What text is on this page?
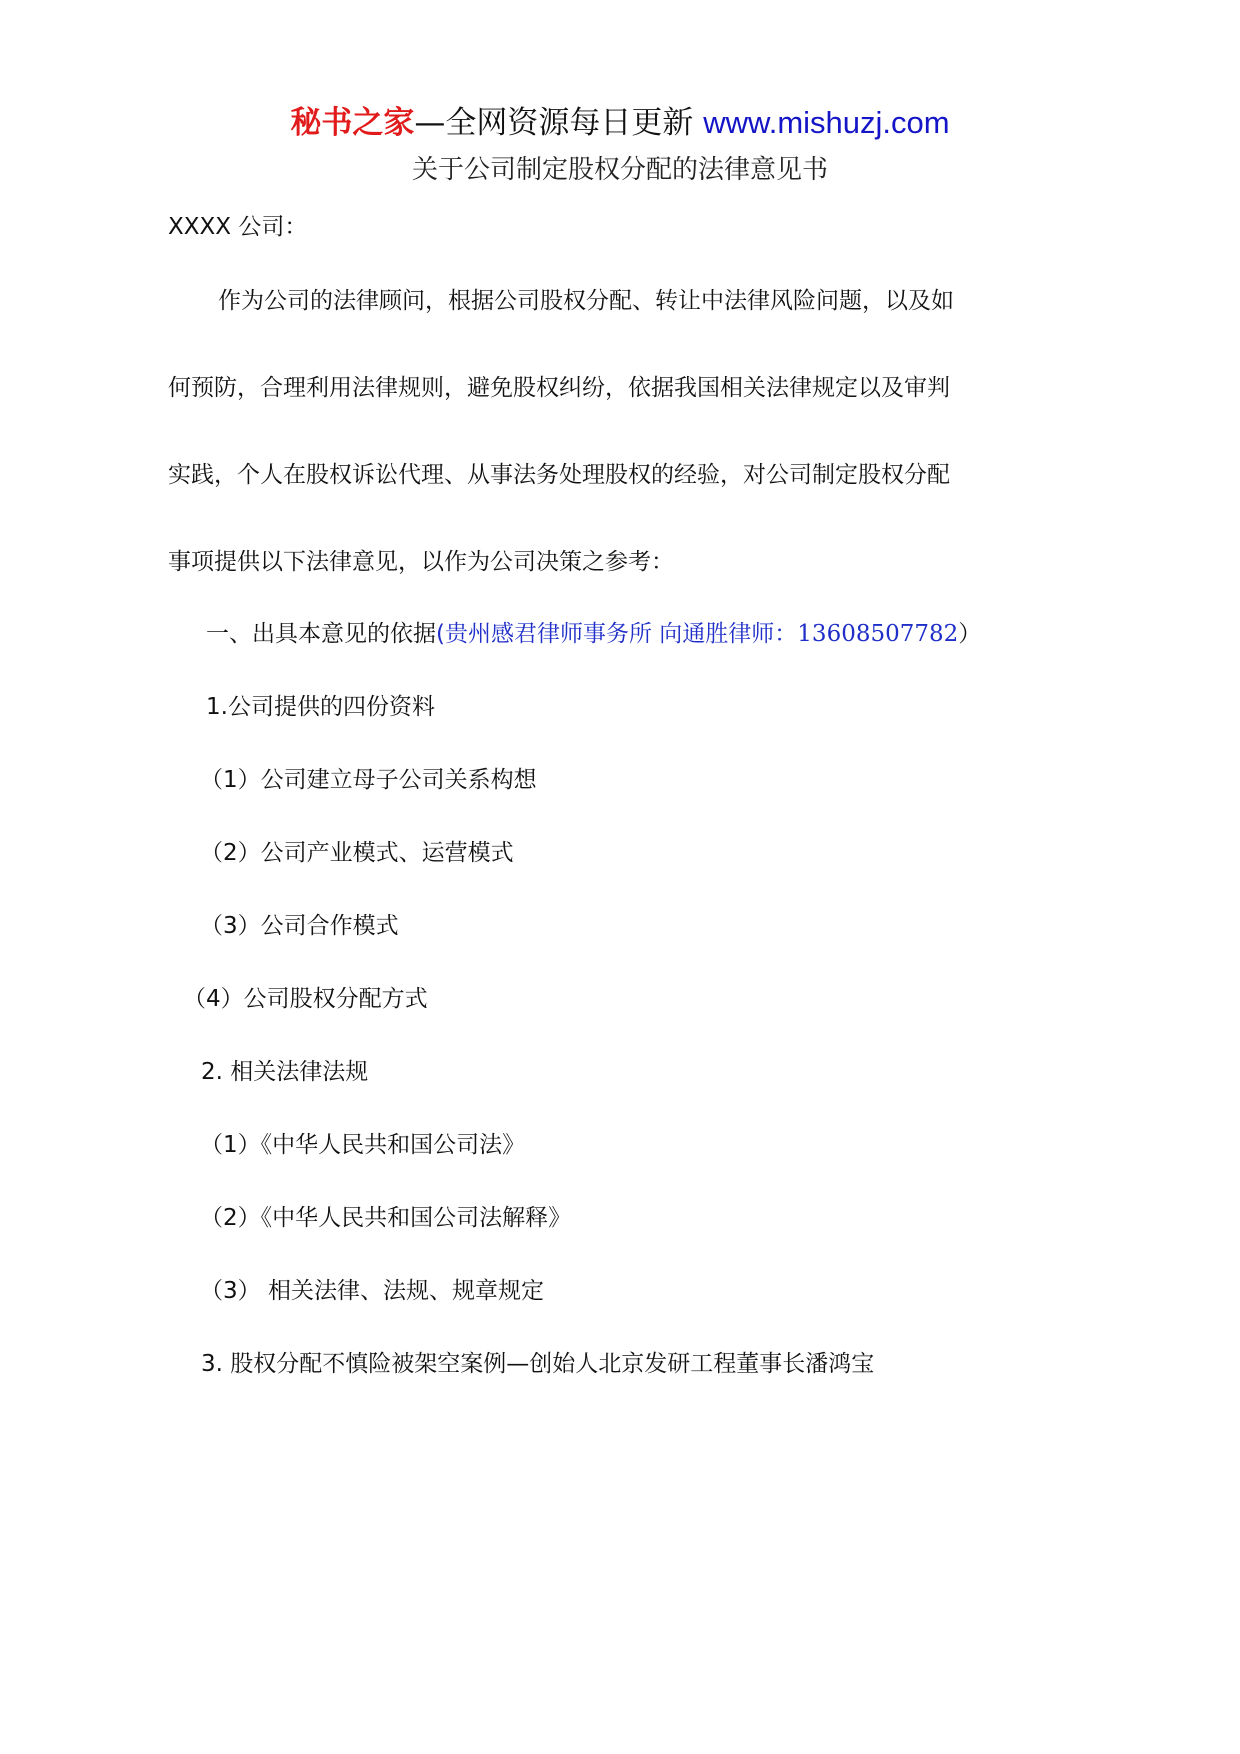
秘书之家—全网资源每日更新 www.mishuzj.com
关于公司制定股权分配的法律意见书
XXXX 公司：
作为公司的法律顾问，根据公司股权分配、转让中法律风险问题，以及如
何预防，合理利用法律规则，避免股权纠纷，依据我国相关法律规定以及审判
实践，个人在股权诉讼代理、从事法务处理股权的经验，对公司制定股权分配
事项提供以下法律意见，以作为公司决策之参考：
一、出具本意见的依据(贵州感君律师事务所 向通胜律师：13608507782）
1.公司提供的四份资料
（1）公司建立母子公司关系构想
（2）公司产业模式、运营模式
（3）公司合作模式
（4）公司股权分配方式
2. 相关法律法规
（1）《中华人民共和国公司法》
（2）《中华人民共和国公司法解释》
（3） 相关法律、法规、规章规定
3. 股权分配不慎险被架空案例—创始人北京发研工程董事长潘鸿宝
